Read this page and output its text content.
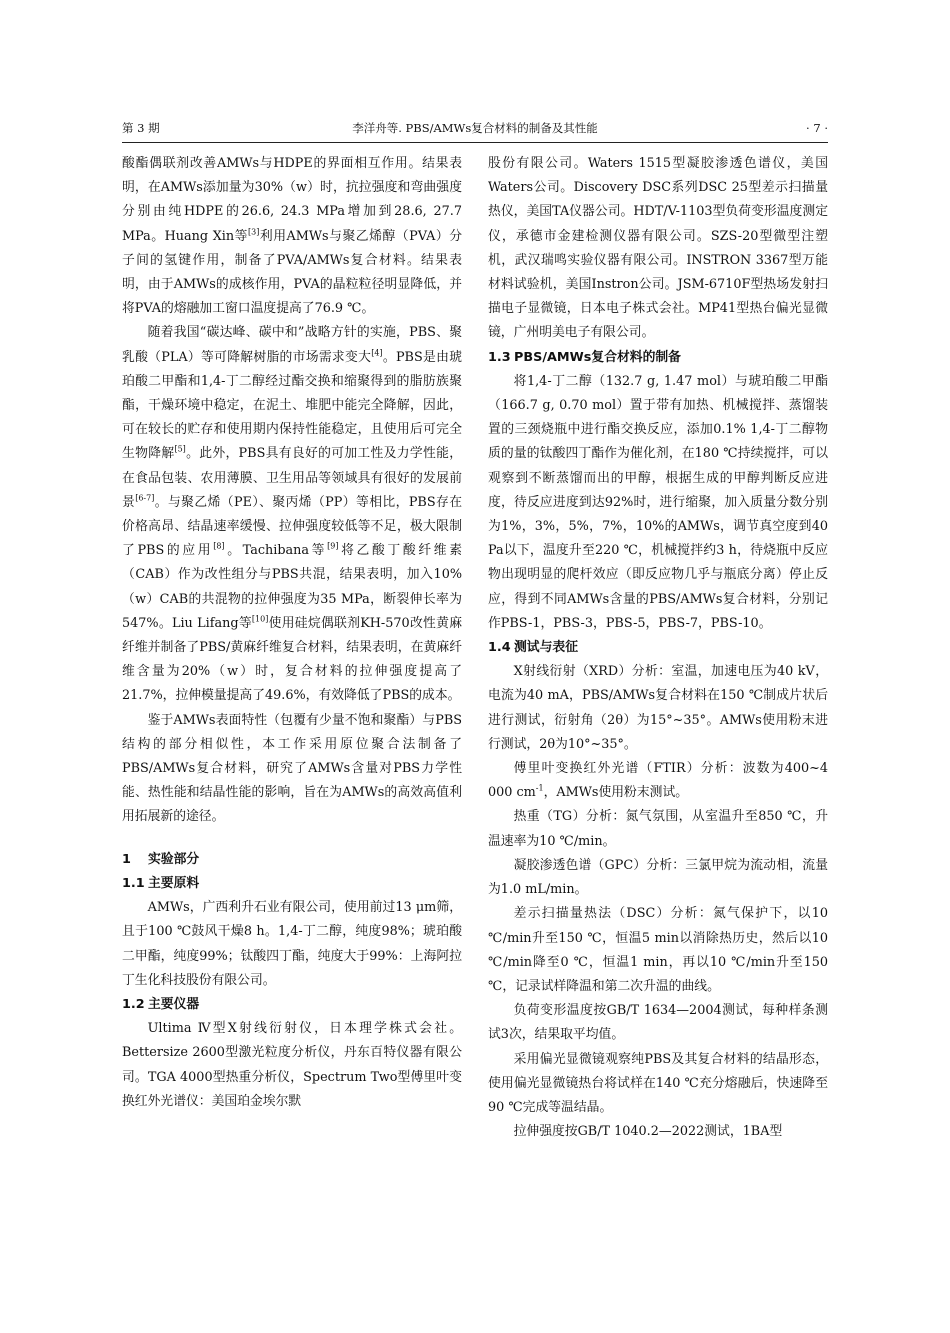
第 3 期	李洋舟等. PBS/AMWs复合材料的制备及其性能	· 7 ·

酸酯偶联剂改善AMWs与HDPE的界面相互作用。结果表明，在AMWs添加量为30%（w）时，抗拉强度和弯曲强度分别由纯HDPE的26.6, 24.3 MPa增加到28.6, 27.7 MPa。Huang Xin等[3]利用AMWs与聚乙烯醇（PVA）分子间的氢键作用，制备了PVA/AMWs复合材料。结果表明，由于AMWs的成核作用，PVA的晶粒粒径明显降低，并将PVA的熔融加工窗口温度提高了76.9 ℃。

随着我国“碳达峰、碳中和”战略方针的实施，PBS、聚乳酸（PLA）等可降解树脂的市场需求变大[4]。PBS是由琥珀酸二甲酯和1,4-丁二醇经过酯交换和缩聚得到的脂肪族聚酯，干燥环境中稳定，在泥土、堆肥中能完全降解，因此，可在较长的贮存和使用期内保持性能稳定，且使用后可完全生物降解[5]。此外，PBS具有良好的可加工性及力学性能，在食品包装、农用薄膜、卫生用品等领域具有很好的发展前景[6-7]。与聚乙烯（PE）、聚丙烯（PP）等相比，PBS存在价格高昂、结晶速率缓慢、拉伸强度较低等不足，极大限制了PBS的应用[8]。Tachibana等[9]将乙酸丁酸纤维素（CAB）作为改性组分与PBS共混，结果表明，加入10%（w）CAB的共混物的拉伸强度为35 MPa，断裂伸长率为547%。Liu Lifang等[10]使用硅烷偶联剂KH-570改性黄麻纤维并制备了PBS/黄麻纤维复合材料，结果表明，在黄麻纤维含量为20%（w）时，复合材料的拉伸强度提高了21.7%，拉伸模量提高了49.6%，有效降低了PBS的成本。

鉴于AMWs表面特性（包覆有少量不饱和聚酯）与PBS结构的部分相似性，本工作采用原位聚合法制备了PBS/AMWs复合材料，研究了AMWs含量对PBS力学性能、热性能和结晶性能的影响，旨在为AMWs的高效高值利用拓展新的途径。

1 实验部分

1.1 主要原料

AMWs，广西利升石业有限公司，使用前过13 μm筛，且于100 ℃鼓风干燥8 h。1,4-丁二醇，纯度98%；琥珀酸二甲酯，纯度99%；钛酸四丁酯，纯度大于99%：上海阿拉丁生化科技股份有限公司。

1.2 主要仪器

Ultima Ⅳ型X射线衍射仪，日本理学株式会社。Bettersize 2600型激光粒度分析仪，丹东百特仪器有限公司。TGA 4000型热重分析仪，Spectrum Two型傅里叶变换红外光谱仪：美国珀金埃尔默

股份有限公司。Waters 1515型凝胶渗透色谱仪，美国Waters公司。Discovery DSC系列DSC 25型差示扫描量热仪，美国TA仪器公司。HDT/V-1103型负荷变形温度测定仪，承德市金建检测仪器有限公司。SZS-20型微型注塑机，武汉瑞鸣实验仪器有限公司。INSTRON 3367型万能材料试验机，美国Instron公司。JSM-6710F型热场发射扫描电子显微镜，日本电子株式会社。MP41型热台偏光显微镜，广州明美电子有限公司。

1.3 PBS/AMWs复合材料的制备

将1,4-丁二醇（132.7 g, 1.47 mol）与琥珀酸二甲酯（166.7 g, 0.70 mol）置于带有加热、机械搅拌、蒸馏装置的三颈烧瓶中进行酯交换反应，添加0.1% 1,4-丁二醇物质的量的钛酸四丁酯作为催化剂，在180 ℃持续搅拌，可以观察到不断蒸馏而出的甲醇，根据生成的甲醇判断反应进度，待反应进度到达92%时，进行缩聚，加入质量分数分别为1%，3%，5%，7%，10%的AMWs，调节真空度到40 Pa以下，温度升至220 ℃，机械搅拌约3 h，待烧瓶中反应物出现明显的爬杆效应（即反应物几乎与瓶底分离）停止反应，得到不同AMWs含量的PBS/AMWs复合材料，分别记作PBS-1，PBS-3，PBS-5，PBS-7，PBS-10。

1.4 测试与表征

X射线衍射（XRD）分析：室温，加速电压为40 kV，电流为40 mA，PBS/AMWs复合材料在150 ℃制成片状后进行测试，衍射角（2θ）为15°~35°。AMWs使用粉末进行测试，2θ为10°~35°。

傅里叶变换红外光谱（FTIR）分析：波数为400~4 000 $cm^{-1}$，AMWs使用粉末测试。

热重（TG）分析：氮气氛围，从室温升至850 ℃，升温速率为10 ℃/min。

凝胶渗透色谱（GPC）分析：三氯甲烷为流动相，流量为1.0 mL/min。

差示扫描量热法（DSC）分析：氮气保护下，以10 ℃/min升至150 ℃，恒温5 min以消除热历史，然后以10 ℃/min降至0 ℃，恒温1 min，再以10 ℃/min升至150 ℃，记录试样降温和第二次升温的曲线。

负荷变形温度按GB/T 1634—2004测试，每种样条测试3次，结果取平均值。

采用偏光显微镜观察纯PBS及其复合材料的结晶形态，使用偏光显微镜热台将试样在140 ℃充分熔融后，快速降至90 ℃完成等温结晶。

拉伸强度按GB/T 1040.2—2022测试，1BA型
